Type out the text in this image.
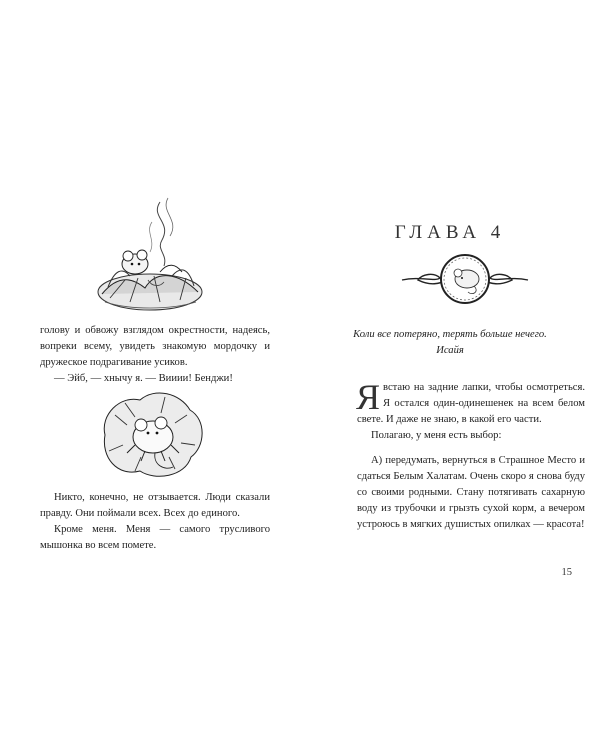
голову и обвожу взглядом окрестности, надеясь, вопреки всему, увидеть знакомую мордочку и дружеское подрагивание усиков.

— Эйб, — хнычу я. — Вииии! Бенджи!

Никто, конечно, не отзывается. Люди сказали правду. Они поймали всех. Всех до единого.

Кроме меня. Меня — самого трусливого мышонка во всем помете.

ГЛАВА 4

Коли все потеряно, терять больше нечего.

Исайя

Я встаю на задние лапки, чтобы осмотреться. Я остался один-одинешенек на всем белом свете. И даже не знаю, в какой его части.

Полагаю, у меня есть выбор:

А) передумать, вернуться в Страшное Место и сдаться Белым Халатам. Очень скоро я снова буду со своими родными. Стану потягивать сахарную воду из трубочки и грызть сухой корм, а вечером устроюсь в мягких душистых опилках — красота!

15
